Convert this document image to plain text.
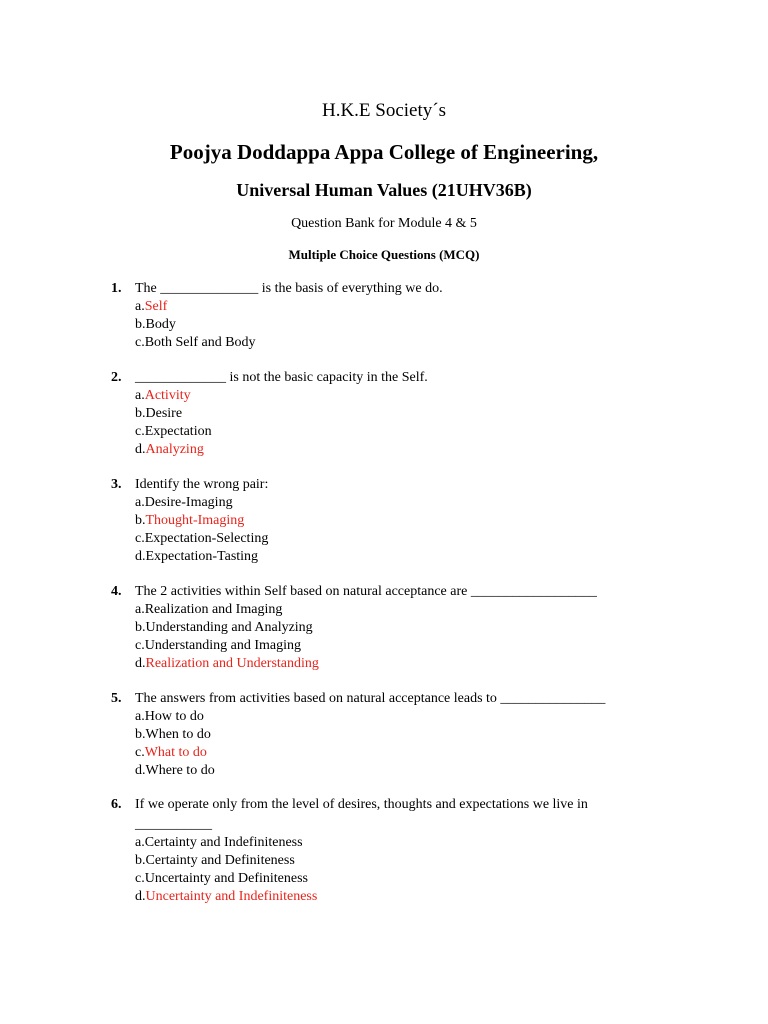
H.K.E Society´s
Poojya Doddappa Appa College of Engineering,
Universal Human Values (21UHV36B)
Question Bank for Module 4 & 5
Multiple Choice Questions (MCQ)
1. The ______________ is the basis of everything we do.
a.Self
b.Body
c.Both Self and Body
2. _____________ is not the basic capacity in the Self.
a.Activity
b.Desire
c.Expectation
d.Analyzing
3. Identify the wrong pair:
a.Desire-Imaging
b.Thought-Imaging
c.Expectation-Selecting
d.Expectation-Tasting
4. The 2 activities within Self based on natural acceptance are __________________
a.Realization and Imaging
b.Understanding and Analyzing
c.Understanding and Imaging
d.Realization and Understanding
5. The answers from activities based on natural acceptance leads to _______________
a.How to do
b.When to do
c.What to do
d.Where to do
6. If we operate only from the level of desires, thoughts and expectations we live in
___________
a.Certainty and Indefiniteness
b.Certainty and Definiteness
c.Uncertainty and Definiteness
d.Uncertainty and Indefiniteness
